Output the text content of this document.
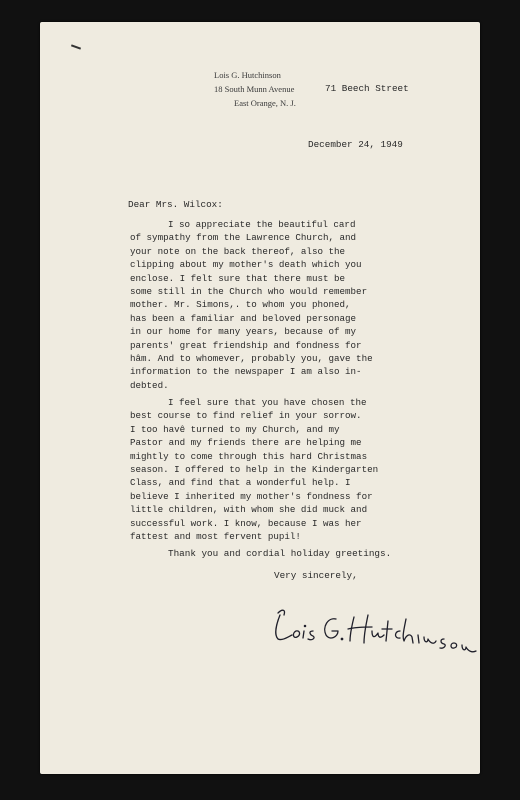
Lois G. Hutchinson
18 South Munn Avenue
East Orange, N. J.
71 Beech Street
December 24, 1949
Dear Mrs. Wilcox:
I so appreciate the beautiful card
of sympathy from the Lawrence Church, and
your note on the back thereof, also the
clipping about my mother's death which you
enclose. I felt sure that there must be
some still in the Church who would remember
mother. Mr. Simons,. to whom you phoned,
has been a familiar and beloved personage
in our home for many years, because of my
parents' great friendship and fondness for
hâm. And to whomever, probably you, gave the
information to the newspaper I am also in-
debted.
I feel sure that you have chosen the
best course to find relief in your sorrow.
I too havê turned to my Church, and my
Pastor and my friends there are helping me
mightly to come through this hard Christmas
season. I offered to help in the Kindergarten
Class, and find that a wonderful help. I
believe I inherited my mother's fondness for
little children, with whom she did muck and
successful work. I know, because I was her
fattest and most fervent pupil!
Thank you and cordial holiday greetings.
Very sincerely,
